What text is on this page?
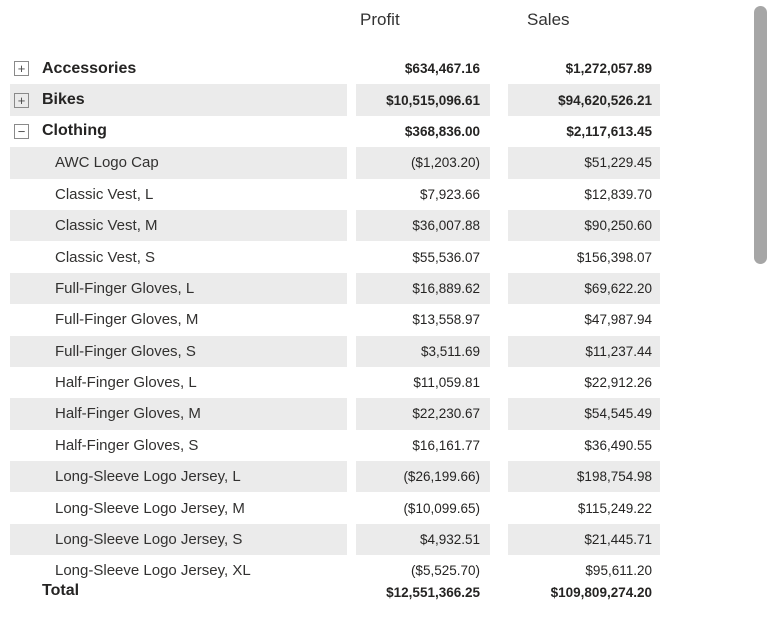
Profit	Sales
+ Accessories	$634,467.16	$1,272,057.89
+ Bikes	$10,515,096.61	$94,620,526.21
− Clothing	$368,836.00	$2,117,613.45
AWC Logo Cap	($1,203.20)	$51,229.45
Classic Vest, L	$7,923.66	$12,839.70
Classic Vest, M	$36,007.88	$90,250.60
Classic Vest, S	$55,536.07	$156,398.07
Full-Finger Gloves, L	$16,889.62	$69,622.20
Full-Finger Gloves, M	$13,558.97	$47,987.94
Full-Finger Gloves, S	$3,511.69	$11,237.44
Half-Finger Gloves, L	$11,059.81	$22,912.26
Half-Finger Gloves, M	$22,230.67	$54,545.49
Half-Finger Gloves, S	$16,161.77	$36,490.55
Long-Sleeve Logo Jersey, L	($26,199.66)	$198,754.98
Long-Sleeve Logo Jersey, M	($10,099.65)	$115,249.22
Long-Sleeve Logo Jersey, S	$4,932.51	$21,445.71
Long-Sleeve Logo Jersey, XL	($5,525.70)	$95,611.20
Total	$12,551,366.25	$109,809,274.20
